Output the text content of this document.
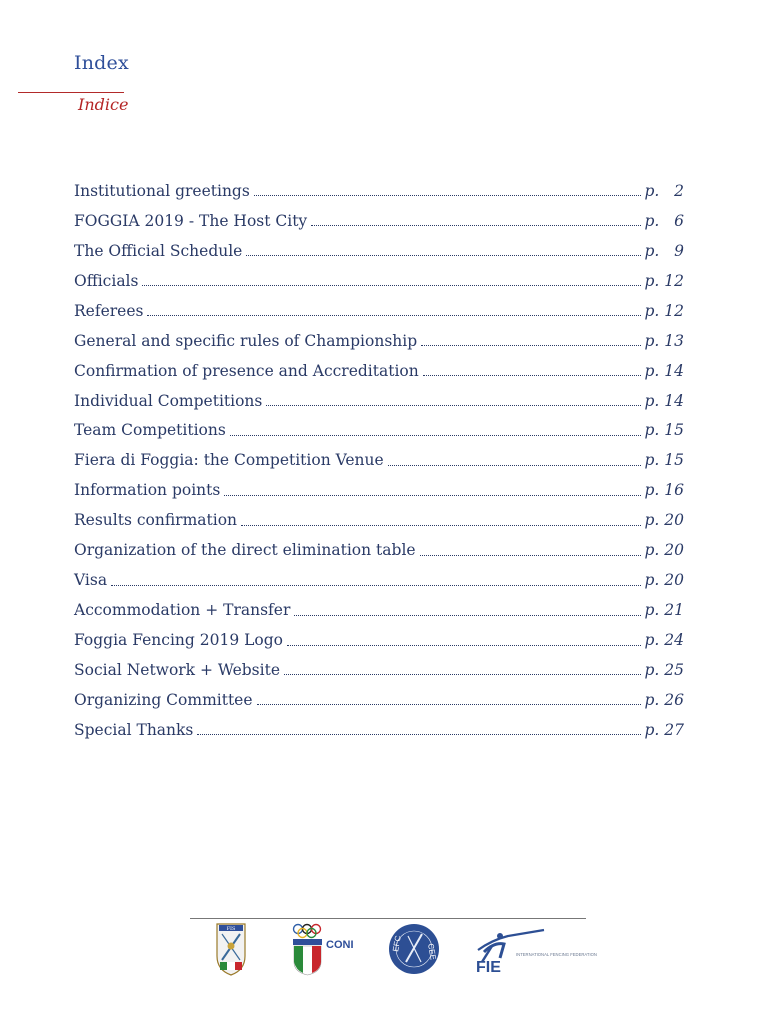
Index
Indice
Institutional greetings	p.   2
FOGGIA 2019 - The Host City	p.   6
The Official Schedule	p.   9
Officials	p. 12
Referees	p. 12
General and specific rules of Championship	p. 13
Confirmation of presence and Accreditation	p. 14
Individual Competitions	p. 14
Team Competitions	p. 15
Fiera di Foggia: the Competition Venue	p. 15
Information points	p. 16
Results confirmation	p. 20
Organization of the direct elimination table	p. 20
Visa	p. 20
Accommodation + Transfer	p. 21
Foggia Fencing 2019 Logo	p. 24
Social Network + Website	p. 25
Organizing Committee	p. 26
Special Thanks	p. 27
FIS
CONI	EFC	CEE
FIE
INTERNATIONAL FENCING FEDERATION
